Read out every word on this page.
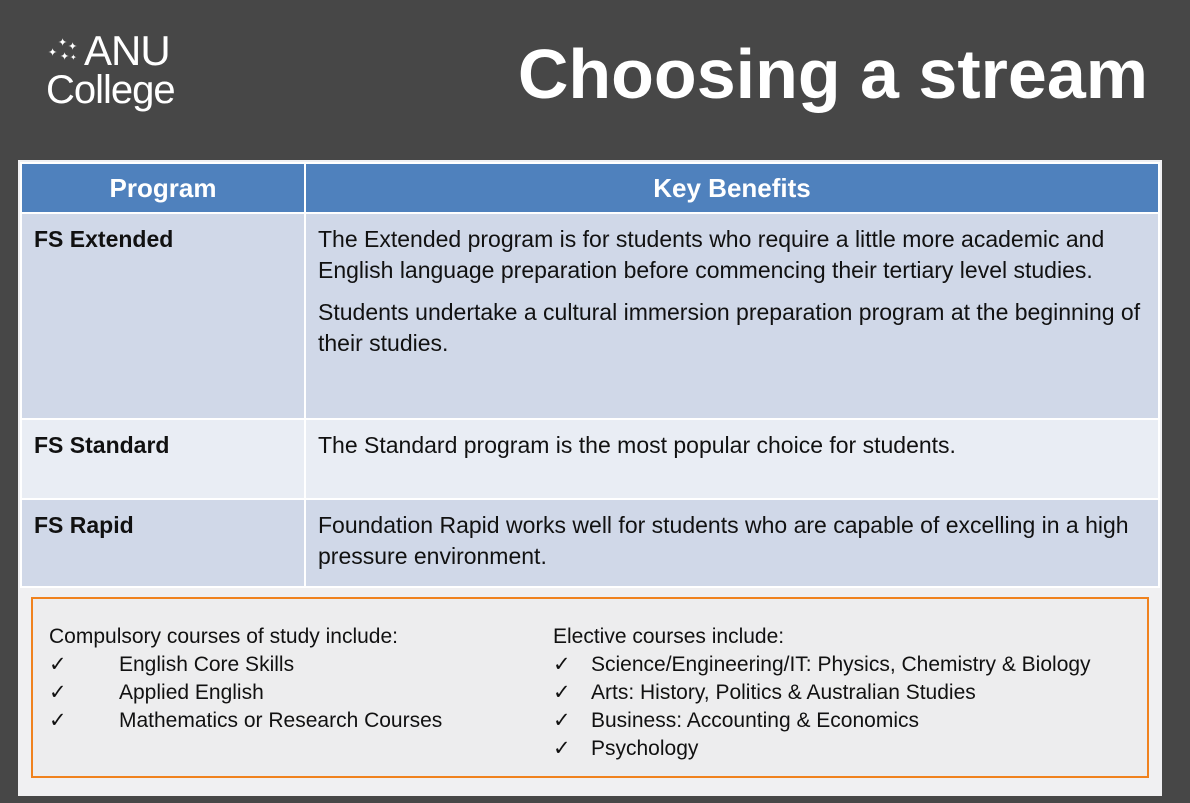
✦
✦ ✦
✦ ✦ ANU
College	Choosing a stream
Program	Key Benefits
FS Extended	The Extended program is for students who require a little more academic and English language preparation before commencing their tertiary level studies.

Students undertake a cultural immersion preparation program at the beginning of their studies.

FS Standard	The Standard program is the most popular choice for students.

FS Rapid	Foundation Rapid works well for students who are capable of excelling in a high pressure environment.

Compulsory courses of study include:
✓	English Core Skills
✓	Applied English
✓	Mathematics or Research Courses
Elective courses include:
✓ Science/Engineering/IT: Physics, Chemistry & Biology
✓ Arts: History, Politics & Australian Studies
✓ Business: Accounting & Economics
✓ Psychology
